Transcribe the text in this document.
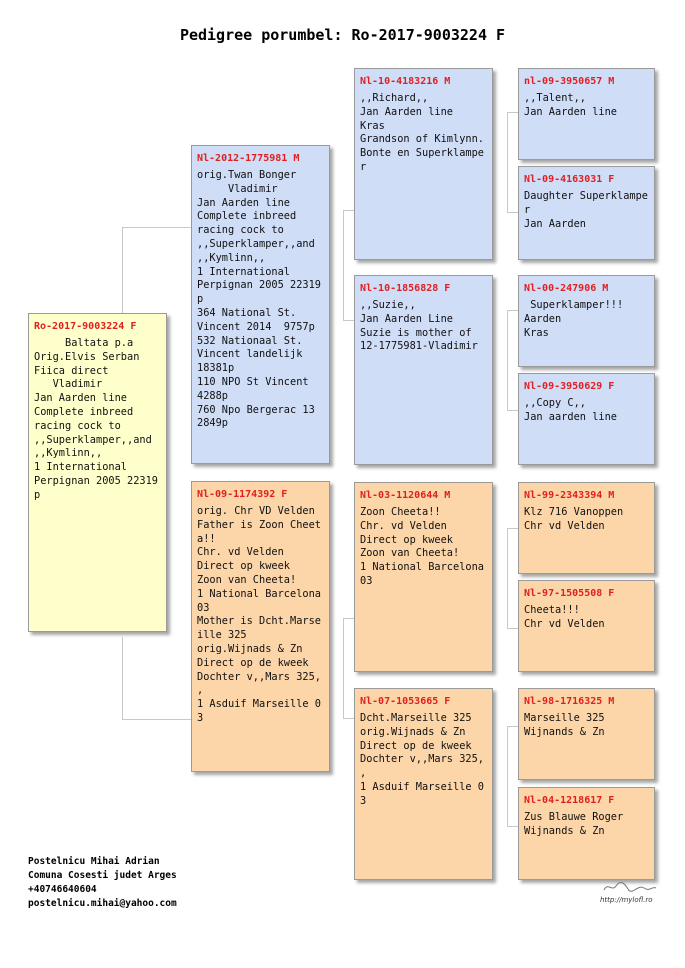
Pedigree porumbel: Ro-2017-9003224 F
Ro-2017-9003224 F
Baltata p.a
Orig.Elvis Serban
Fiica direct
Vladimir
Jan Aarden line
Complete inbreed
racing cock to
,,Superklamper,,and
,,Kymlinn,,
1 International
Perpignan 2005 22319
p
Nl-2012-1775981 M
orig.Twan Bonger
Vladimir
Jan Aarden line
Complete inbreed
racing cock to
,,Superklamper,,and
,,Kymlinn,,
1 International
Perpignan 2005 22319
p
364 National St.
Vincent 2014  9757p
532 Nationaal St.
Vincent landelijk
18381p
110 NPO St Vincent
4288p
760 Npo Bergerac 13
2849p
Nl-09-1174392 F
orig. Chr VD Velden
Father is Zoon Cheet
a!!
Chr. vd Velden
Direct op kweek
Zoon van Cheeta!
1 National Barcelona
03
Mother is Dcht.Marse
ille 325
orig.Wijnads & Zn
Direct op de kweek
Dochter v,,Mars 325,
,
1 Asduif Marseille 0
3
Nl-10-4183216 M
,,Richard,,
Jan Aarden line
Kras
Grandson of Kimlynn.
Bonte en Superklampe
r
Nl-10-1856828 F
,,Suzie,,
Jan Aarden Line
Suzie is mother of
12-1775981-Vladimir
Nl-03-1120644 M
Zoon Cheeta!!
Chr. vd Velden
Direct op kweek
Zoon van Cheeta!
1 National Barcelona
03
Nl-07-1053665 F
Dcht.Marseille 325
orig.Wijnads & Zn
Direct op de kweek
Dochter v,,Mars 325,
,
1 Asduif Marseille 0
3
nl-09-3950657 M
,,Talent,,
Jan Aarden line
Nl-09-4163031 F
Daughter Superklampe
r
Jan Aarden
Nl-00-247906 M
Superklamper!!!
Aarden
Kras
Nl-09-3950629 F
,,Copy C,,
Jan aarden line
Nl-99-2343394 M
Klz 716 Vanoppen
Chr vd Velden
Nl-97-1505508 F
Cheeta!!!
Chr vd Velden
Nl-98-1716325 M
Marseille 325
Wijnands & Zn
Nl-04-1218617 F
Zus Blauwe Roger
Wijnands & Zn
Postelnicu Mihai Adrian
Comuna Cosesti judet Arges
+40746640604
postelnicu.mihai@yahoo.com	http://mylofl.ro
